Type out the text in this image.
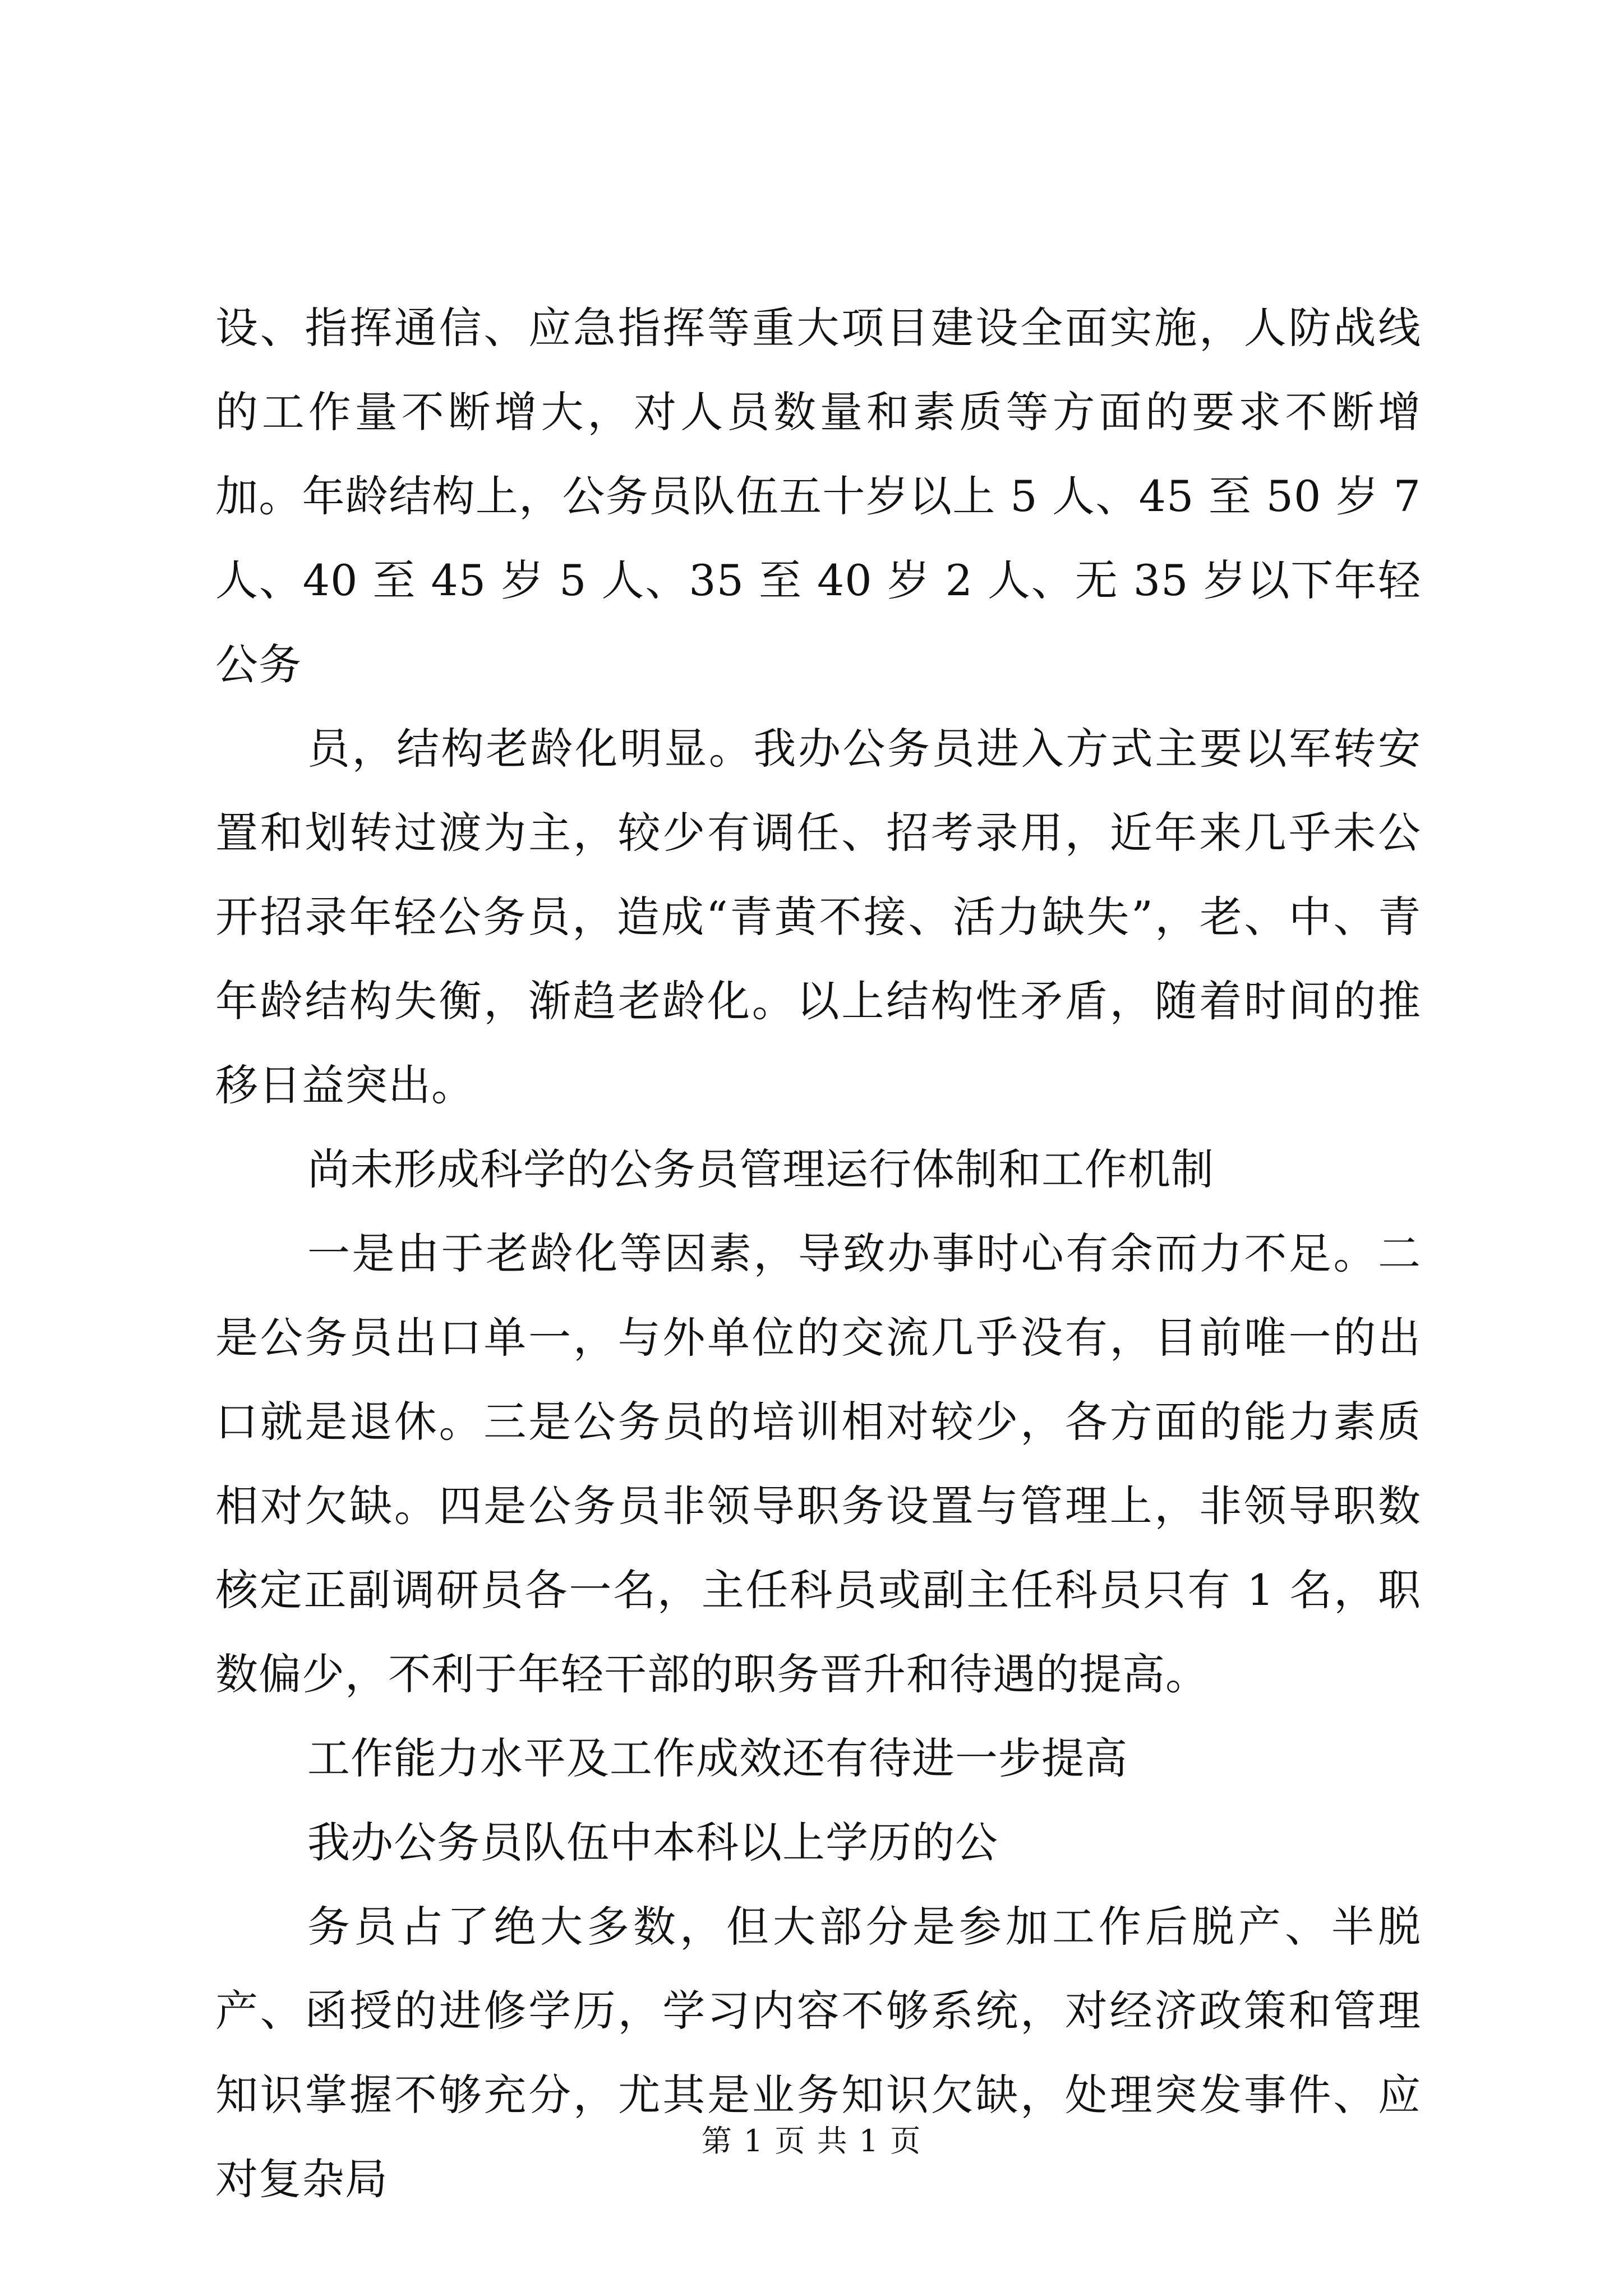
设、指挥通信、应急指挥等重大项目建设全面实施，人防战线的工作量不断增大，对人员数量和素质等方面的要求不断增加。年龄结构上，公务员队伍五十岁以上 5 人、45 至 50 岁 7 人、40 至 45 岁 5 人、35 至 40 岁 2 人、无 35 岁以下年轻公务

员，结构老龄化明显。我办公务员进入方式主要以军转安置和划转过渡为主，较少有调任、招考录用，近年来几乎未公开招录年轻公务员，造成“青黄不接、活力缺失”，老、中、青年龄结构失衡，渐趋老龄化。以上结构性矛盾，随着时间的推移日益突出。

尚未形成科学的公务员管理运行体制和工作机制

一是由于老龄化等因素，导致办事时心有余而力不足。二是公务员出口单一，与外单位的交流几乎没有，目前唯一的出口就是退休。三是公务员的培训相对较少，各方面的能力素质相对欠缺。四是公务员非领导职务设置与管理上，非领导职数核定正副调研员各一名，主任科员或副主任科员只有 1 名，职数偏少，不利于年轻干部的职务晋升和待遇的提高。

工作能力水平及工作成效还有待进一步提高

我办公务员队伍中本科以上学历的公

务员占了绝大多数，但大部分是参加工作后脱产、半脱产、函授的进修学历，学习内容不够系统，对经济政策和管理知识掌握不够充分，尤其是业务知识欠缺，处理突发事件、应对复杂局

第 1 页 共 1 页
